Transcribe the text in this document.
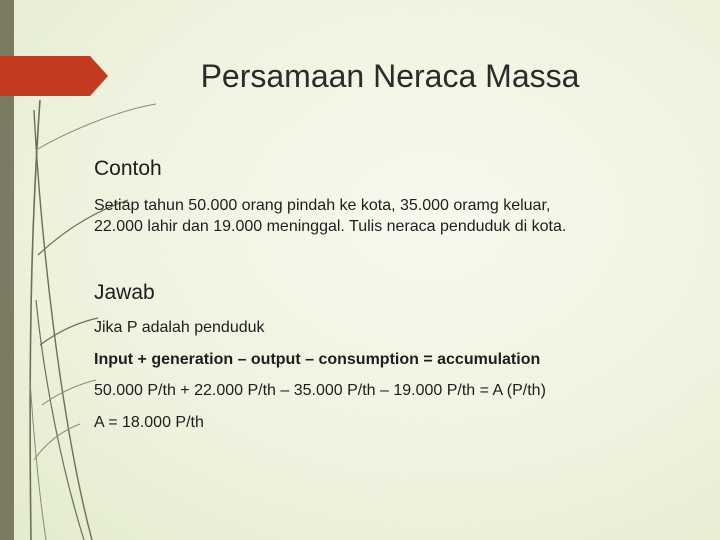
Persamaan Neraca Massa
Contoh
Setiap tahun 50.000 orang pindah ke kota, 35.000 oramg keluar,
22.000 lahir dan 19.000 meninggal. Tulis neraca penduduk di kota.
Jawab
Jika P adalah penduduk
Input + generation – output – consumption = accumulation
50.000 P/th + 22.000 P/th – 35.000 P/th – 19.000 P/th = A (P/th)
A = 18.000 P/th
